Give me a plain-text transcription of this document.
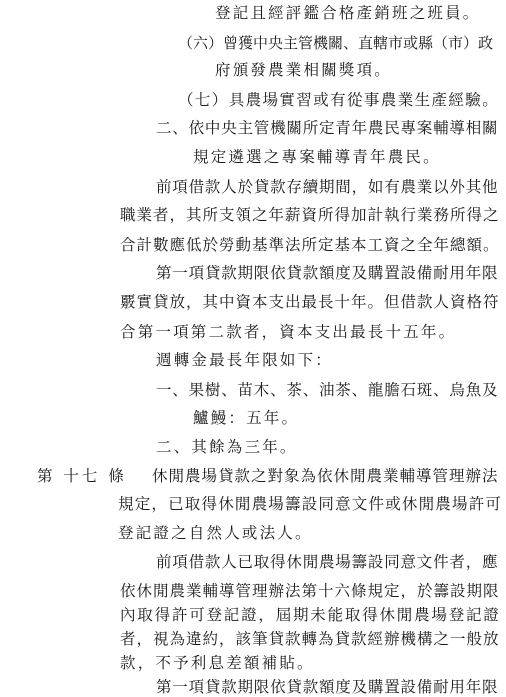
登記且經評鑑合格產銷班之班員。
（六）曾獲中央主管機關、直轄市或縣（市）政
府頒發農業相關獎項。
（七）具農場實習或有從事農業生產經驗。
二、依中央主管機關所定青年農民專案輔導相關
規定遴選之專案輔導青年農民。
前項借款人於貸款存續期間，如有農業以外其他
職業者，其所支領之年薪資所得加計執行業務所得之
合計數應低於勞動基準法所定基本工資之全年總額。
第一項貸款期限依貸款額度及購置設備耐用年限
覈實貸放，其中資本支出最長十年。但借款人資格符
合第一項第二款者，資本支出最長十五年。
週轉金最長年限如下：
一、果樹、苗木、茶、油茶、龍膽石斑、烏魚及
鱸鰻：五年。
二、其餘為三年。
第 十七 條 休閒農場貸款之對象為依休閒農業輔導管理辦法
規定，已取得休閒農場籌設同意文件或休閒農場許可
登記證之自然人或法人。
前項借款人已取得休閒農場籌設同意文件者，應
依休閒農業輔導管理辦法第十六條規定，於籌設期限
內取得許可登記證，屆期未能取得休閒農場登記證
者，視為違約，該筆貸款轉為貸款經辦機構之一般放
款，不予利息差額補貼。
第一項貸款期限依貸款額度及購置設備耐用年限
